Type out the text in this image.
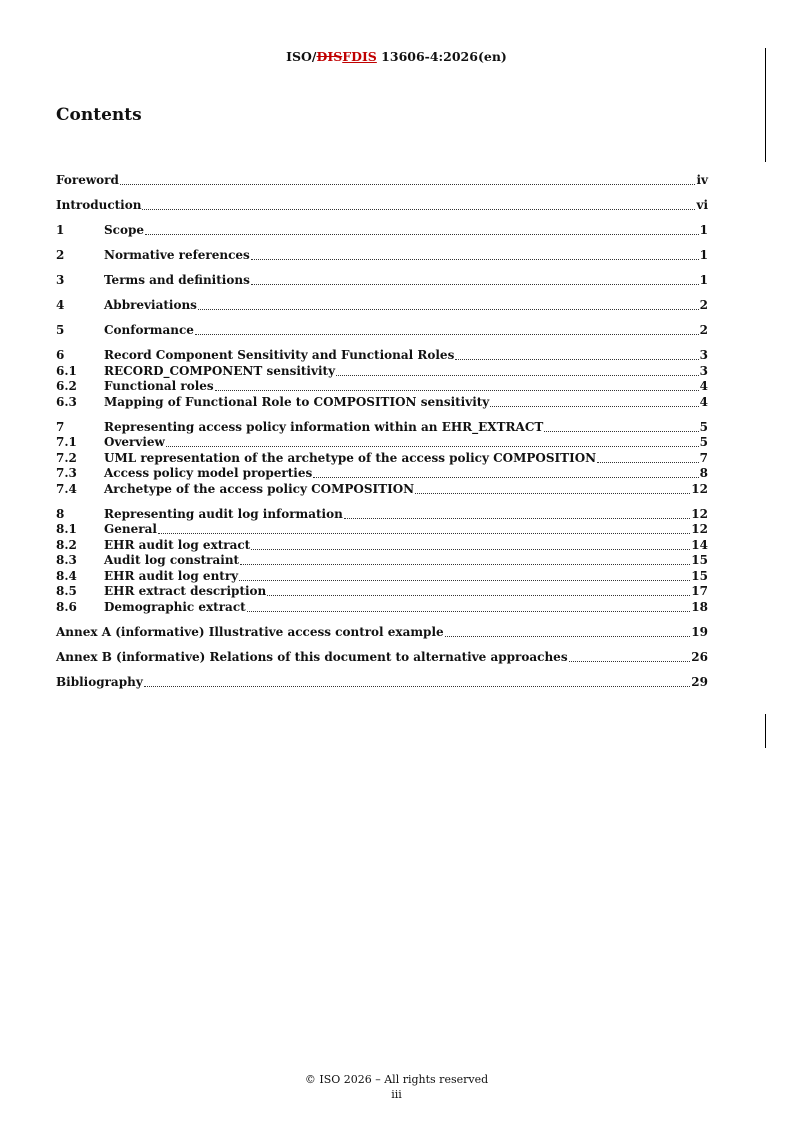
ISO/DISFDIS 13606-4:2026(en)
Contents
Foreword	iv
Introduction	vi
1	Scope	1
2	Normative references	1
3	Terms and definitions	1
4	Abbreviations	2
5	Conformance	2
6	Record Component Sensitivity and Functional Roles	3
6.1	RECORD_COMPONENT sensitivity	3
6.2	Functional roles	4
6.3	Mapping of Functional Role to COMPOSITION sensitivity	4
7	Representing access policy information within an EHR_EXTRACT	5
7.1	Overview	5
7.2	UML representation of the archetype of the access policy COMPOSITION	7
7.3	Access policy model properties	8
7.4	Archetype of the access policy COMPOSITION	12
8	Representing audit log information	12
8.1	General	12
8.2	EHR audit log extract	14
8.3	Audit log constraint	15
8.4	EHR audit log entry	15
8.5	EHR extract description	17
8.6	Demographic extract	18
Annex A (informative) Illustrative access control example	19
Annex B (informative) Relations of this document to alternative approaches	26
Bibliography	29
© ISO 2026 – All rights reserved
iii
